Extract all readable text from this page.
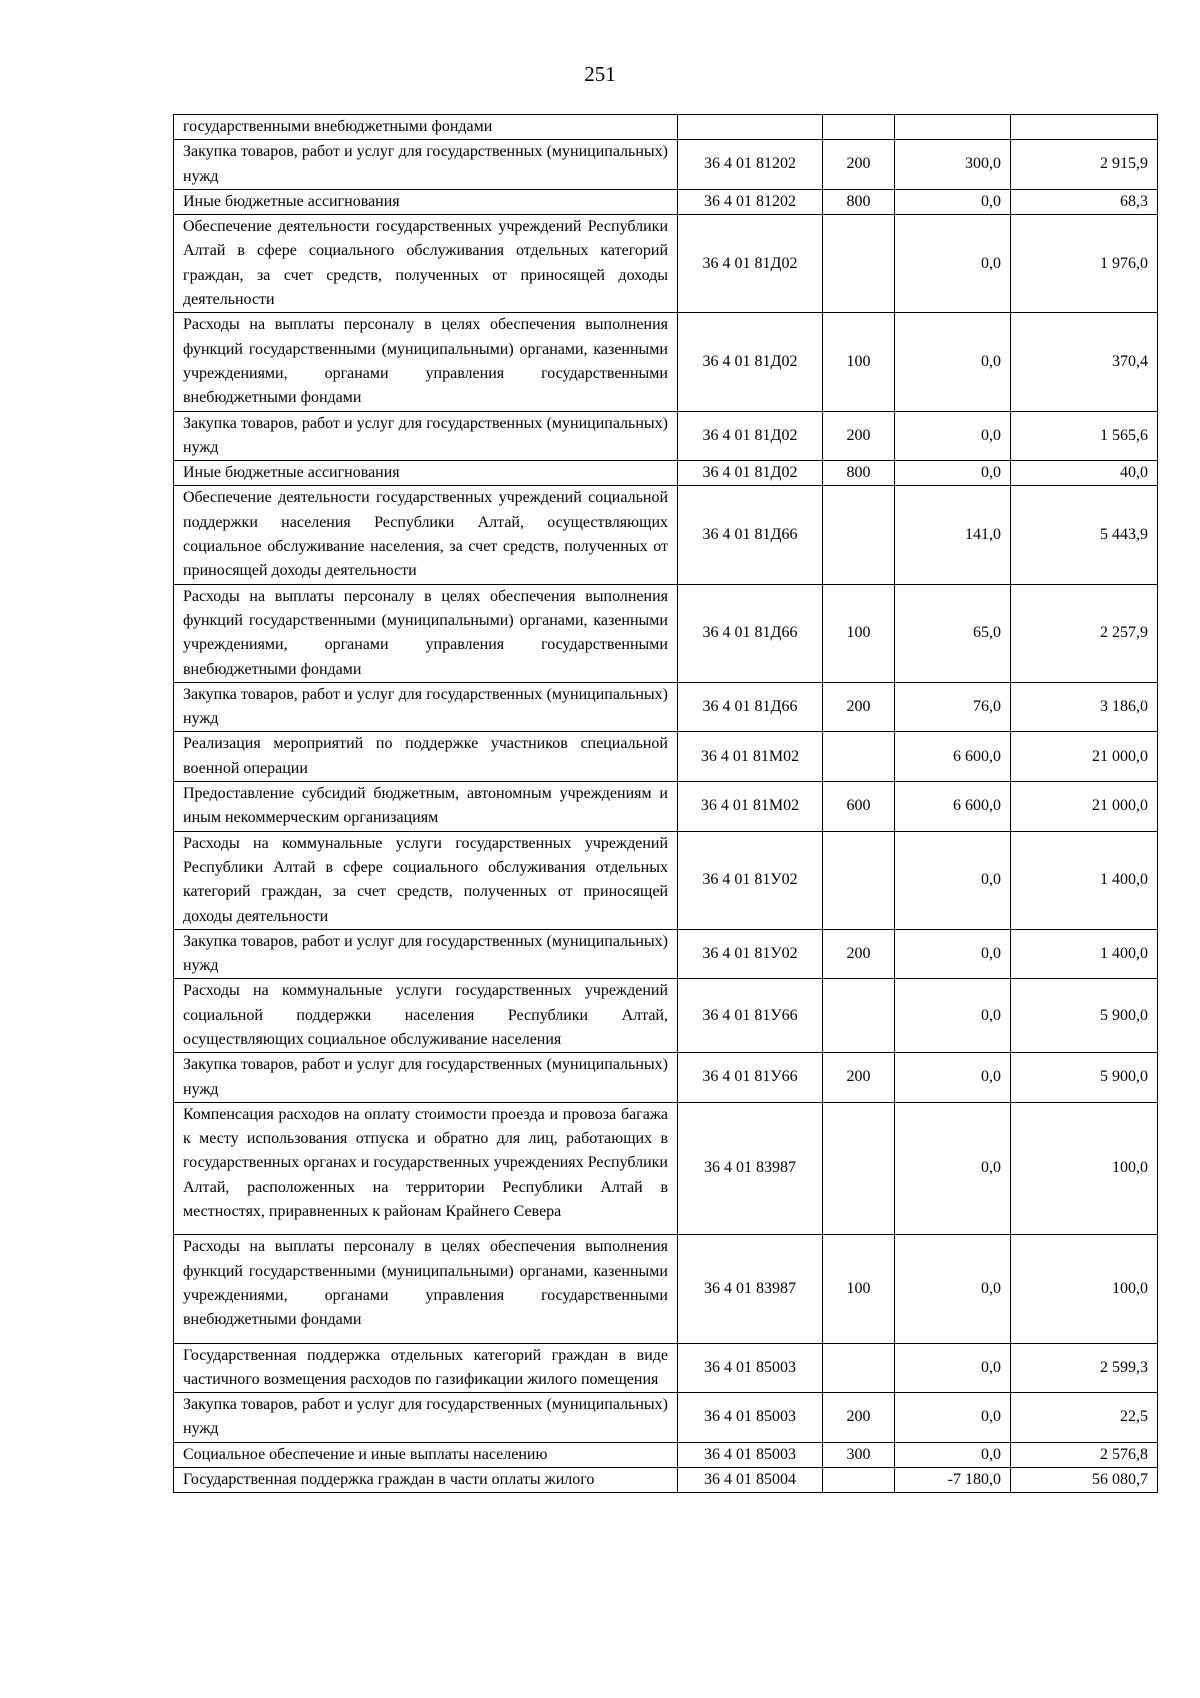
251
государственными внебюджетными фондами				
Закупка товаров, работ и услуг для государственных (муниципальных) нужд	36 4 01 81202	200	300,0	2 915,9
Иные бюджетные ассигнования	36 4 01 81202	800	0,0	68,3
Обеспечение деятельности государственных учреждений Республики Алтай в сфере социального обслуживания отдельных категорий граждан, за счет средств, полученных от приносящей доходы деятельности	36 4 01 81Д02		0,0	1 976,0
Расходы на выплаты персоналу в целях обеспечения выполнения функций государственными (муниципальными) органами, казенными учреждениями, органами управления государственными внебюджетными фондами	36 4 01 81Д02	100	0,0	370,4
Закупка товаров, работ и услуг для государственных (муниципальных) нужд	36 4 01 81Д02	200	0,0	1 565,6
Иные бюджетные ассигнования	36 4 01 81Д02	800	0,0	40,0
Обеспечение деятельности государственных учреждений социальной поддержки населения Республики Алтай, осуществляющих социальное обслуживание населения, за счет средств, полученных от приносящей доходы деятельности	36 4 01 81Д66		141,0	5 443,9
Расходы на выплаты персоналу в целях обеспечения выполнения функций государственными (муниципальными) органами, казенными учреждениями, органами управления государственными внебюджетными фондами	36 4 01 81Д66	100	65,0	2 257,9
Закупка товаров, работ и услуг для государственных (муниципальных) нужд	36 4 01 81Д66	200	76,0	3 186,0
Реализация мероприятий по поддержке участников специальной военной операции	36 4 01 81М02		6 600,0	21 000,0
Предоставление субсидий бюджетным, автономным учреждениям и иным некоммерческим организациям	36 4 01 81М02	600	6 600,0	21 000,0
Расходы на коммунальные услуги государственных учреждений Республики Алтай в сфере социального обслуживания отдельных категорий граждан, за счет средств, полученных от приносящей доходы деятельности	36 4 01 81У02		0,0	1 400,0
Закупка товаров, работ и услуг для государственных (муниципальных) нужд	36 4 01 81У02	200	0,0	1 400,0
Расходы на коммунальные услуги государственных учреждений социальной поддержки населения Республики Алтай, осуществляющих социальное обслуживание населения	36 4 01 81У66		0,0	5 900,0
Закупка товаров, работ и услуг для государственных (муниципальных) нужд	36 4 01 81У66	200	0,0	5 900,0
Компенсация расходов на оплату стоимости проезда и провоза багажа к месту использования отпуска и обратно для лиц, работающих в государственных органах и государственных учреждениях Республики Алтай, расположенных на территории Республики Алтай в местностях, приравненных к районам Крайнего Севера	36 4 01 83987		0,0	100,0
Расходы на выплаты персоналу в целях обеспечения выполнения функций государственными (муниципальными) органами, казенными учреждениями, органами управления государственными внебюджетными фондами	36 4 01 83987	100	0,0	100,0
Государственная поддержка отдельных категорий граждан в виде частичного возмещения расходов по газификации жилого помещения	36 4 01 85003		0,0	2 599,3
Закупка товаров, работ и услуг для государственных (муниципальных) нужд	36 4 01 85003	200	0,0	22,5
Социальное обеспечение и иные выплаты населению	36 4 01 85003	300	0,0	2 576,8
Государственная поддержка граждан в части оплаты жилого	36 4 01 85004		-7 180,0	56 080,7
